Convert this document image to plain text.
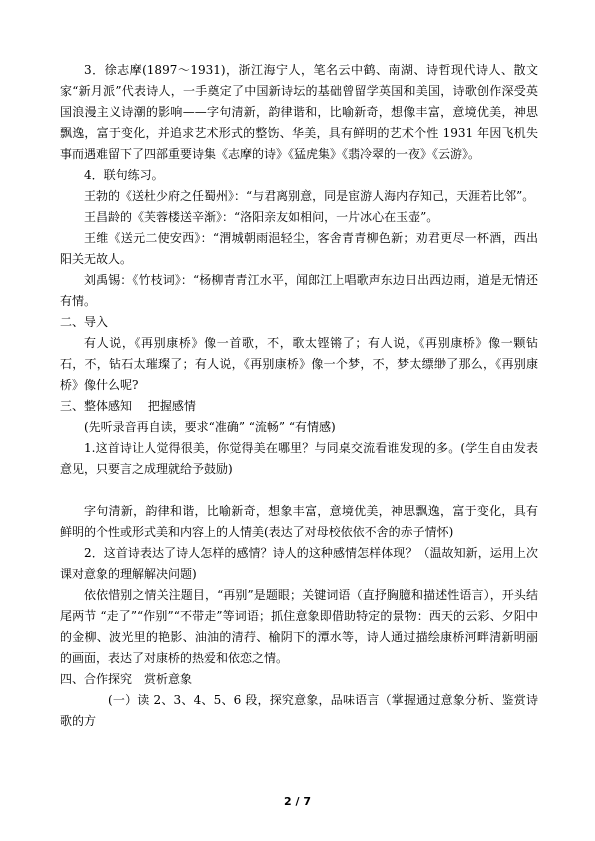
3．徐志摩(1897～1931)，浙江海宁人，笔名云中鹤、南湖、诗哲现代诗人、散文家“新月派”代表诗人，一手奠定了中国新诗坛的基础曾留学英国和美国，诗歌创作深受英国浪漫主义诗潮的影响——字句清新，韵律谐和，比喻新奇，想像丰富，意境优美，神思飘逸，富于变化，并追求艺术形式的整饬、华美，具有鲜明的艺术个性 1931 年因飞机失事而遇难留下了四部重要诗集《志摩的诗》《猛虎集》《翡冷翠的一夜》《云游》。

4．联句练习。

王勃的《送杜少府之任蜀州》：“与君离别意，同是宦游人海内存知己，天涯若比邻”。

王昌龄的《芙蓉楼送辛渐》：“洛阳亲友如相问，一片冰心在玉壶”。

王维《送元二使安西》：“渭城朝雨浥轻尘，客舍青青柳色新；劝君更尽一杯酒，西出阳关无故人。

刘禹锡：《竹枝词》：“杨柳青青江水平，闻郎江上唱歌声东边日出西边雨，道是无情还有情。

二、导入

有人说，《再别康桥》像一首歌，不，歌太铿锵了；有人说，《再别康桥》像一颗钻石，不，钻石太璀璨了；有人说，《再别康桥》像一个梦，不，梦太缥缈了那么，《再别康桥》像什么呢?

三、整体感知　 把握感情

(先听录音再自读，要求“准确” “流畅” “有情感)

1.这首诗让人觉得很美，你觉得美在哪里？与同桌交流看谁发现的多。(学生自由发表意见，只要言之成理就给予鼓励)

字句清新，韵律和谐，比喻新奇，想象丰富，意境优美，神思飘逸，富于变化，具有鲜明的个性或形式美和内容上的人情美(表达了对母校依依不舍的赤子情怀)

2．这首诗表达了诗人怎样的感情？诗人的这种感情怎样体现？（温故知新，运用上次课对意象的理解解决问题)

依依惜别之情关注题目，“再别”是题眼；关键词语（直抒胸臆和描述性语言），开头结尾两节 “走了”“作别”“不带走”等词语；抓住意象即借助特定的景物：西天的云彩、夕阳中的金柳、波光里的艳影、油油的清荇、榆阴下的潭水等，诗人通过描绘康桥河畔清新明丽的画面，表达了对康桥的热爱和依恋之情。

四、合作探究　赏析意象

(一）读 2、3、4、5、6 段，探究意象，品味语言（掌握通过意象分析、鉴赏诗歌的方

2 / 7
